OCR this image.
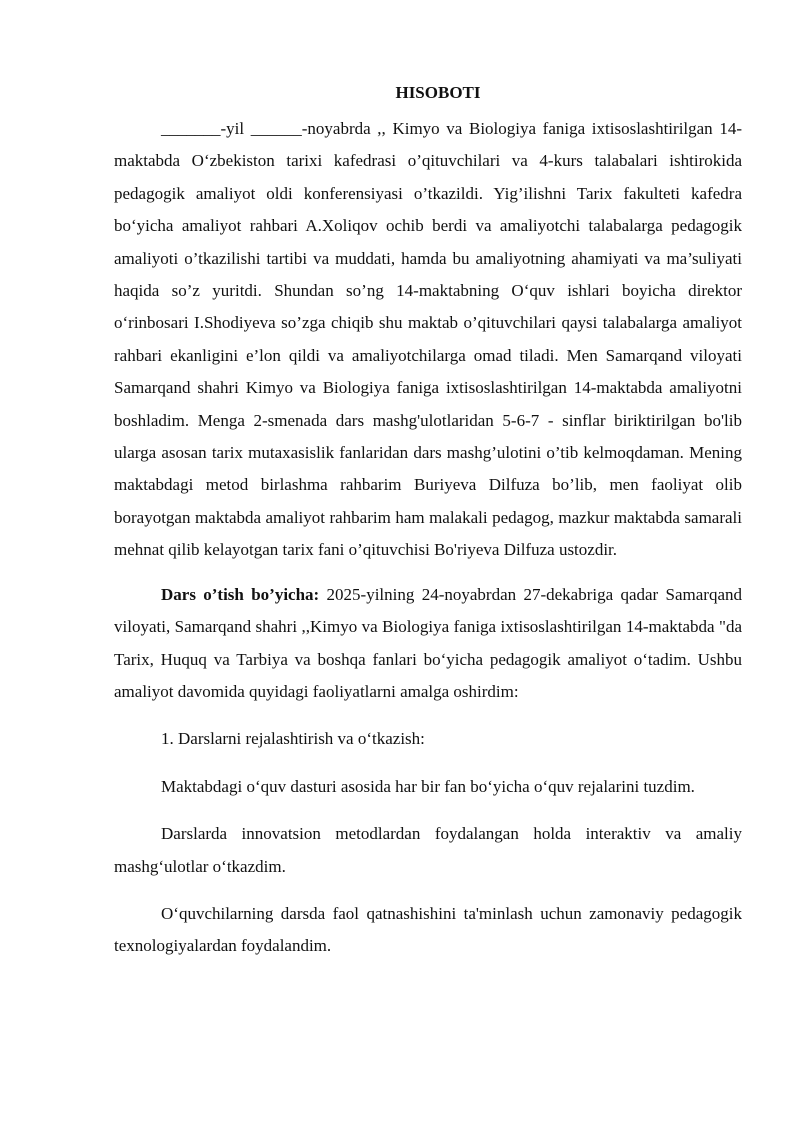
HISOBOTI

_______-yil ______-noyabrda ,, Kimyo va Biologiya faniga ixtisoslashtirilgan 14-maktabda O‘zbekiston tarixi kafedrasi o’qituvchilari va 4-kurs talabalari ishtirokida pedagogik amaliyot oldi konferensiyasi o’tkazildi. Yig’ilishni Tarix fakulteti kafedra bo‘yicha amaliyot rahbari A.Xoliqov ochib berdi va amaliyotchi talabalarga pedagogik amaliyoti o’tkazilishi tartibi va muddati, hamda bu amaliyotning ahamiyati va ma’suliyati haqida so’z yuritdi. Shundan so’ng 14-maktabning O‘quv ishlari boyicha direktor o‘rinbosari I.Shodiyeva so’zga chiqib shu maktab o’qituvchilari qaysi talabalarga amaliyot rahbari ekanligini e’lon qildi va amaliyotchilarga omad tiladi. Men Samarqand viloyati Samarqand shahri Kimyo va Biologiya faniga ixtisoslashtirilgan 14-maktabda amaliyotni boshladim. Menga 2-smenada dars mashg'ulotlaridan 5-6-7 - sinflar biriktirilgan bo'lib ularga asosan tarix mutaxasislik fanlaridan dars mashg’ulotini o’tib kelmoqdaman. Mening maktabdagi metod birlashma rahbarim Buriyeva Dilfuza bo’lib, men faoliyat olib borayotgan maktabda amaliyot rahbarim ham malakali pedagog, mazkur maktabda samarali mehnat qilib kelayotgan tarix fani o’qituvchisi Bo'riyeva Dilfuza ustozdir.

Dars o’tish bo’yicha: 2025-yilning 24-noyabrdan 27-dekabriga qadar Samarqand viloyati, Samarqand shahri ,,Kimyo va Biologiya faniga ixtisoslashtirilgan 14-maktabda "da Tarix, Huquq va Tarbiya va boshqa fanlari bo‘yicha pedagogik amaliyot o‘tadim. Ushbu amaliyot davomida quyidagi faoliyatlarni amalga oshirdim:

1. Darslarni rejalashtirish va o‘tkazish:

Maktabdagi o‘quv dasturi asosida har bir fan bo‘yicha o‘quv rejalarini tuzdim.

Darslarda innovatsion metodlardan foydalangan holda interaktiv va amaliy mashg‘ulotlar o‘tkazdim.

O‘quvchilarning darsda faol qatnashishini ta'minlash uchun zamonaviy pedagogik texnologiyalardan foydalandim.
